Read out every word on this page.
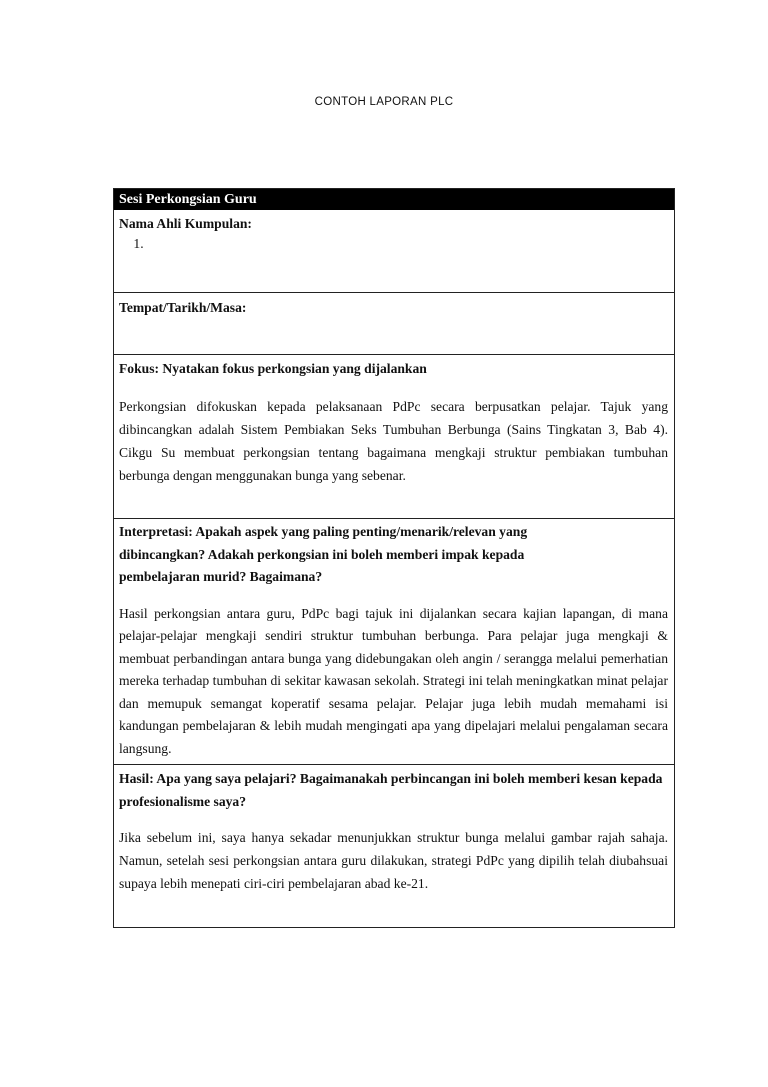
CONTOH LAPORAN PLC
Sesi Perkongsian Guru
Nama Ahli Kumpulan:
1.
Tempat/Tarikh/Masa:
Fokus: Nyatakan fokus perkongsian yang dijalankan
Perkongsian difokuskan kepada pelaksanaan PdPc secara berpusatkan pelajar. Tajuk yang dibincangkan adalah Sistem Pembiakan Seks Tumbuhan Berbunga (Sains Tingkatan 3, Bab 4). Cikgu Su membuat perkongsian tentang bagaimana mengkaji struktur pembiakan tumbuhan berbunga dengan menggunakan bunga yang sebenar.
Interpretasi: Apakah aspek yang paling penting/menarik/relevan yang dibincangkan? Adakah perkongsian ini boleh memberi impak kepada pembelajaran murid? Bagaimana?
Hasil perkongsian antara guru, PdPc bagi tajuk ini dijalankan secara kajian lapangan, di mana pelajar-pelajar mengkaji sendiri struktur tumbuhan berbunga. Para pelajar juga mengkaji & membuat perbandingan antara bunga yang didebungakan oleh angin / serangga melalui pemerhatian mereka terhadap tumbuhan di sekitar kawasan sekolah. Strategi ini telah meningkatkan minat pelajar dan memupuk semangat koperatif sesama pelajar. Pelajar juga lebih mudah memahami isi kandungan pembelajaran & lebih mudah mengingati apa yang dipelajari melalui pengalaman secara langsung.
Hasil: Apa yang saya pelajari? Bagaimanakah perbincangan ini boleh memberi kesan kepada profesionalisme saya?
Jika sebelum ini, saya hanya sekadar menunjukkan struktur bunga melalui gambar rajah sahaja. Namun, setelah sesi perkongsian antara guru dilakukan, strategi PdPc yang dipilih telah diubahsuai supaya lebih menepati ciri-ciri pembelajaran abad ke-21.
